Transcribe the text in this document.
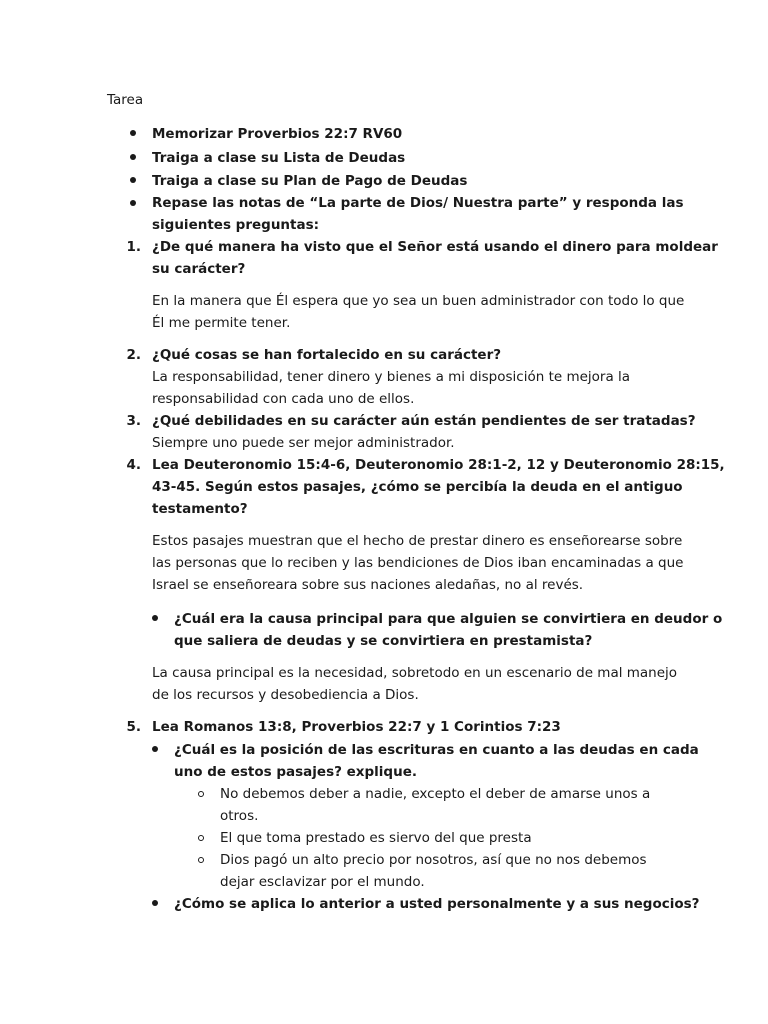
Tarea
Memorizar Proverbios 22:7 RV60
Traiga a clase su Lista de Deudas
Traiga a clase su Plan de Pago de Deudas
Repase las notas de “La parte de Dios/ Nuestra parte” y responda las
siguientes preguntas:
1. ¿De qué manera ha visto que el Señor está usando el dinero para moldear
su carácter?
En la manera que Él espera que yo sea un buen administrador con todo lo que
Él me permite tener.
2. ¿Qué cosas se han fortalecido en su carácter?
La responsabilidad, tener dinero y bienes a mi disposición te mejora la
responsabilidad con cada uno de ellos.
3. ¿Qué debilidades en su carácter aún están pendientes de ser tratadas?
Siempre uno puede ser mejor administrador.
4. Lea Deuteronomio 15:4-6, Deuteronomio 28:1-2, 12 y Deuteronomio 28:15,
43-45. Según estos pasajes, ¿cómo se percibía la deuda en el antiguo
testamento?
Estos pasajes muestran que el hecho de prestar dinero es enseñorearse sobre
las personas que lo reciben y las bendiciones de Dios iban encaminadas a que
Israel se enseñoreara sobre sus naciones aledañas, no al revés.
¿Cuál era la causa principal para que alguien se convirtiera en deudor o
que saliera de deudas y se convirtiera en prestamista?
La causa principal es la necesidad, sobretodo en un escenario de mal manejo
de los recursos y desobediencia a Dios.
5. Lea Romanos 13:8, Proverbios 22:7 y 1 Corintios 7:23
¿Cuál es la posición de las escrituras en cuanto a las deudas en cada
uno de estos pasajes? explique.
No debemos deber a nadie, excepto el deber de amarse unos a
otros.
El que toma prestado es siervo del que presta
Dios pagó un alto precio por nosotros, así que no nos debemos
dejar esclavizar por el mundo.
¿Cómo se aplica lo anterior a usted personalmente y a sus negocios?
